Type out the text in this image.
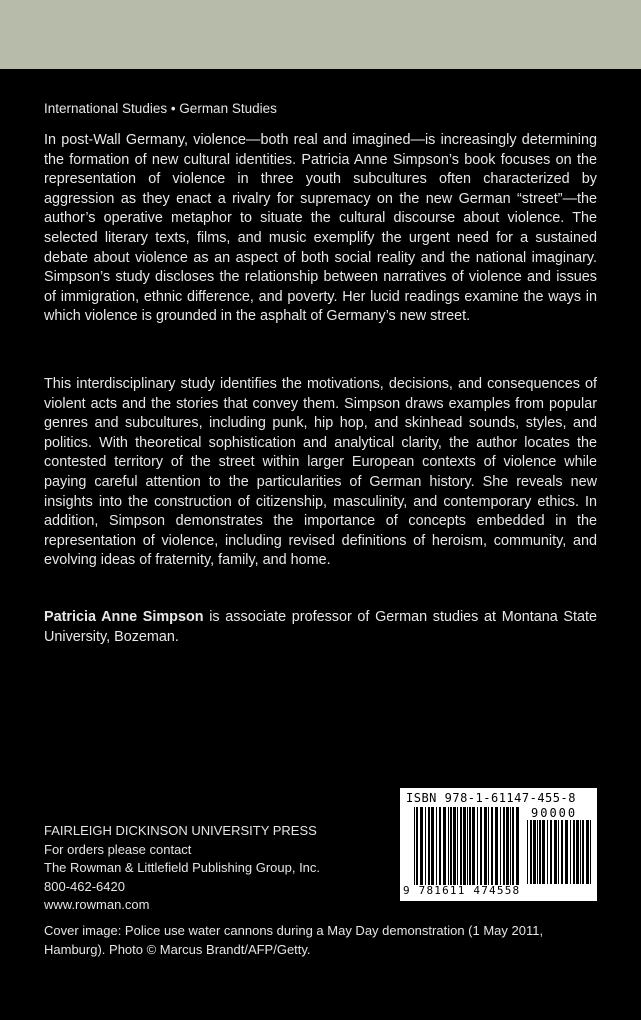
International Studies • German Studies

In post-Wall Germany, violence—both real and imagined—is increasingly determining the formation of new cultural identities. Patricia Anne Simpson’s book focuses on the representation of violence in three youth subcultures often characterized by aggression as they enact a rivalry for supremacy on the new German “street”—the author’s operative metaphor to situate the cultural discourse about violence. The selected literary texts, films, and music exemplify the urgent need for a sustained debate about violence as an aspect of both social reality and the national imaginary. Simpson’s study discloses the relationship between narratives of violence and issues of immigration, ethnic difference, and poverty. Her lucid readings examine the ways in which violence is grounded in the asphalt of Germany’s new street.

This interdisciplinary study identifies the motivations, decisions, and consequences of violent acts and the stories that convey them. Simpson draws examples from popular genres and subcultures, including punk, hip hop, and skinhead sounds, styles, and politics. With theoretical sophistication and analytical clarity, the author locates the contested territory of the street within larger European contexts of violence while paying careful attention to the particularities of German history. She reveals new insights into the construction of citizenship, masculinity, and contemporary ethics. In addition, Simpson demonstrates the importance of concepts embedded in the representation of violence, including revised definitions of heroism, community, and evolving ideas of fraternity, family, and home.

Patricia Anne Simpson is associate professor of German studies at Montana State University, Bozeman.

ISBN 978-1-61147-455-8
90000
9 781611 474558
FAIRLEIGH DICKINSON UNIVERSITY PRESS
For orders please contact
The Rowman & Littlefield Publishing Group, Inc.
800-462-6420
www.rowman.com
Cover image: Police use water cannons during a May Day demonstration (1 May 2011, Hamburg). Photo © Marcus Brandt/AFP/Getty.
